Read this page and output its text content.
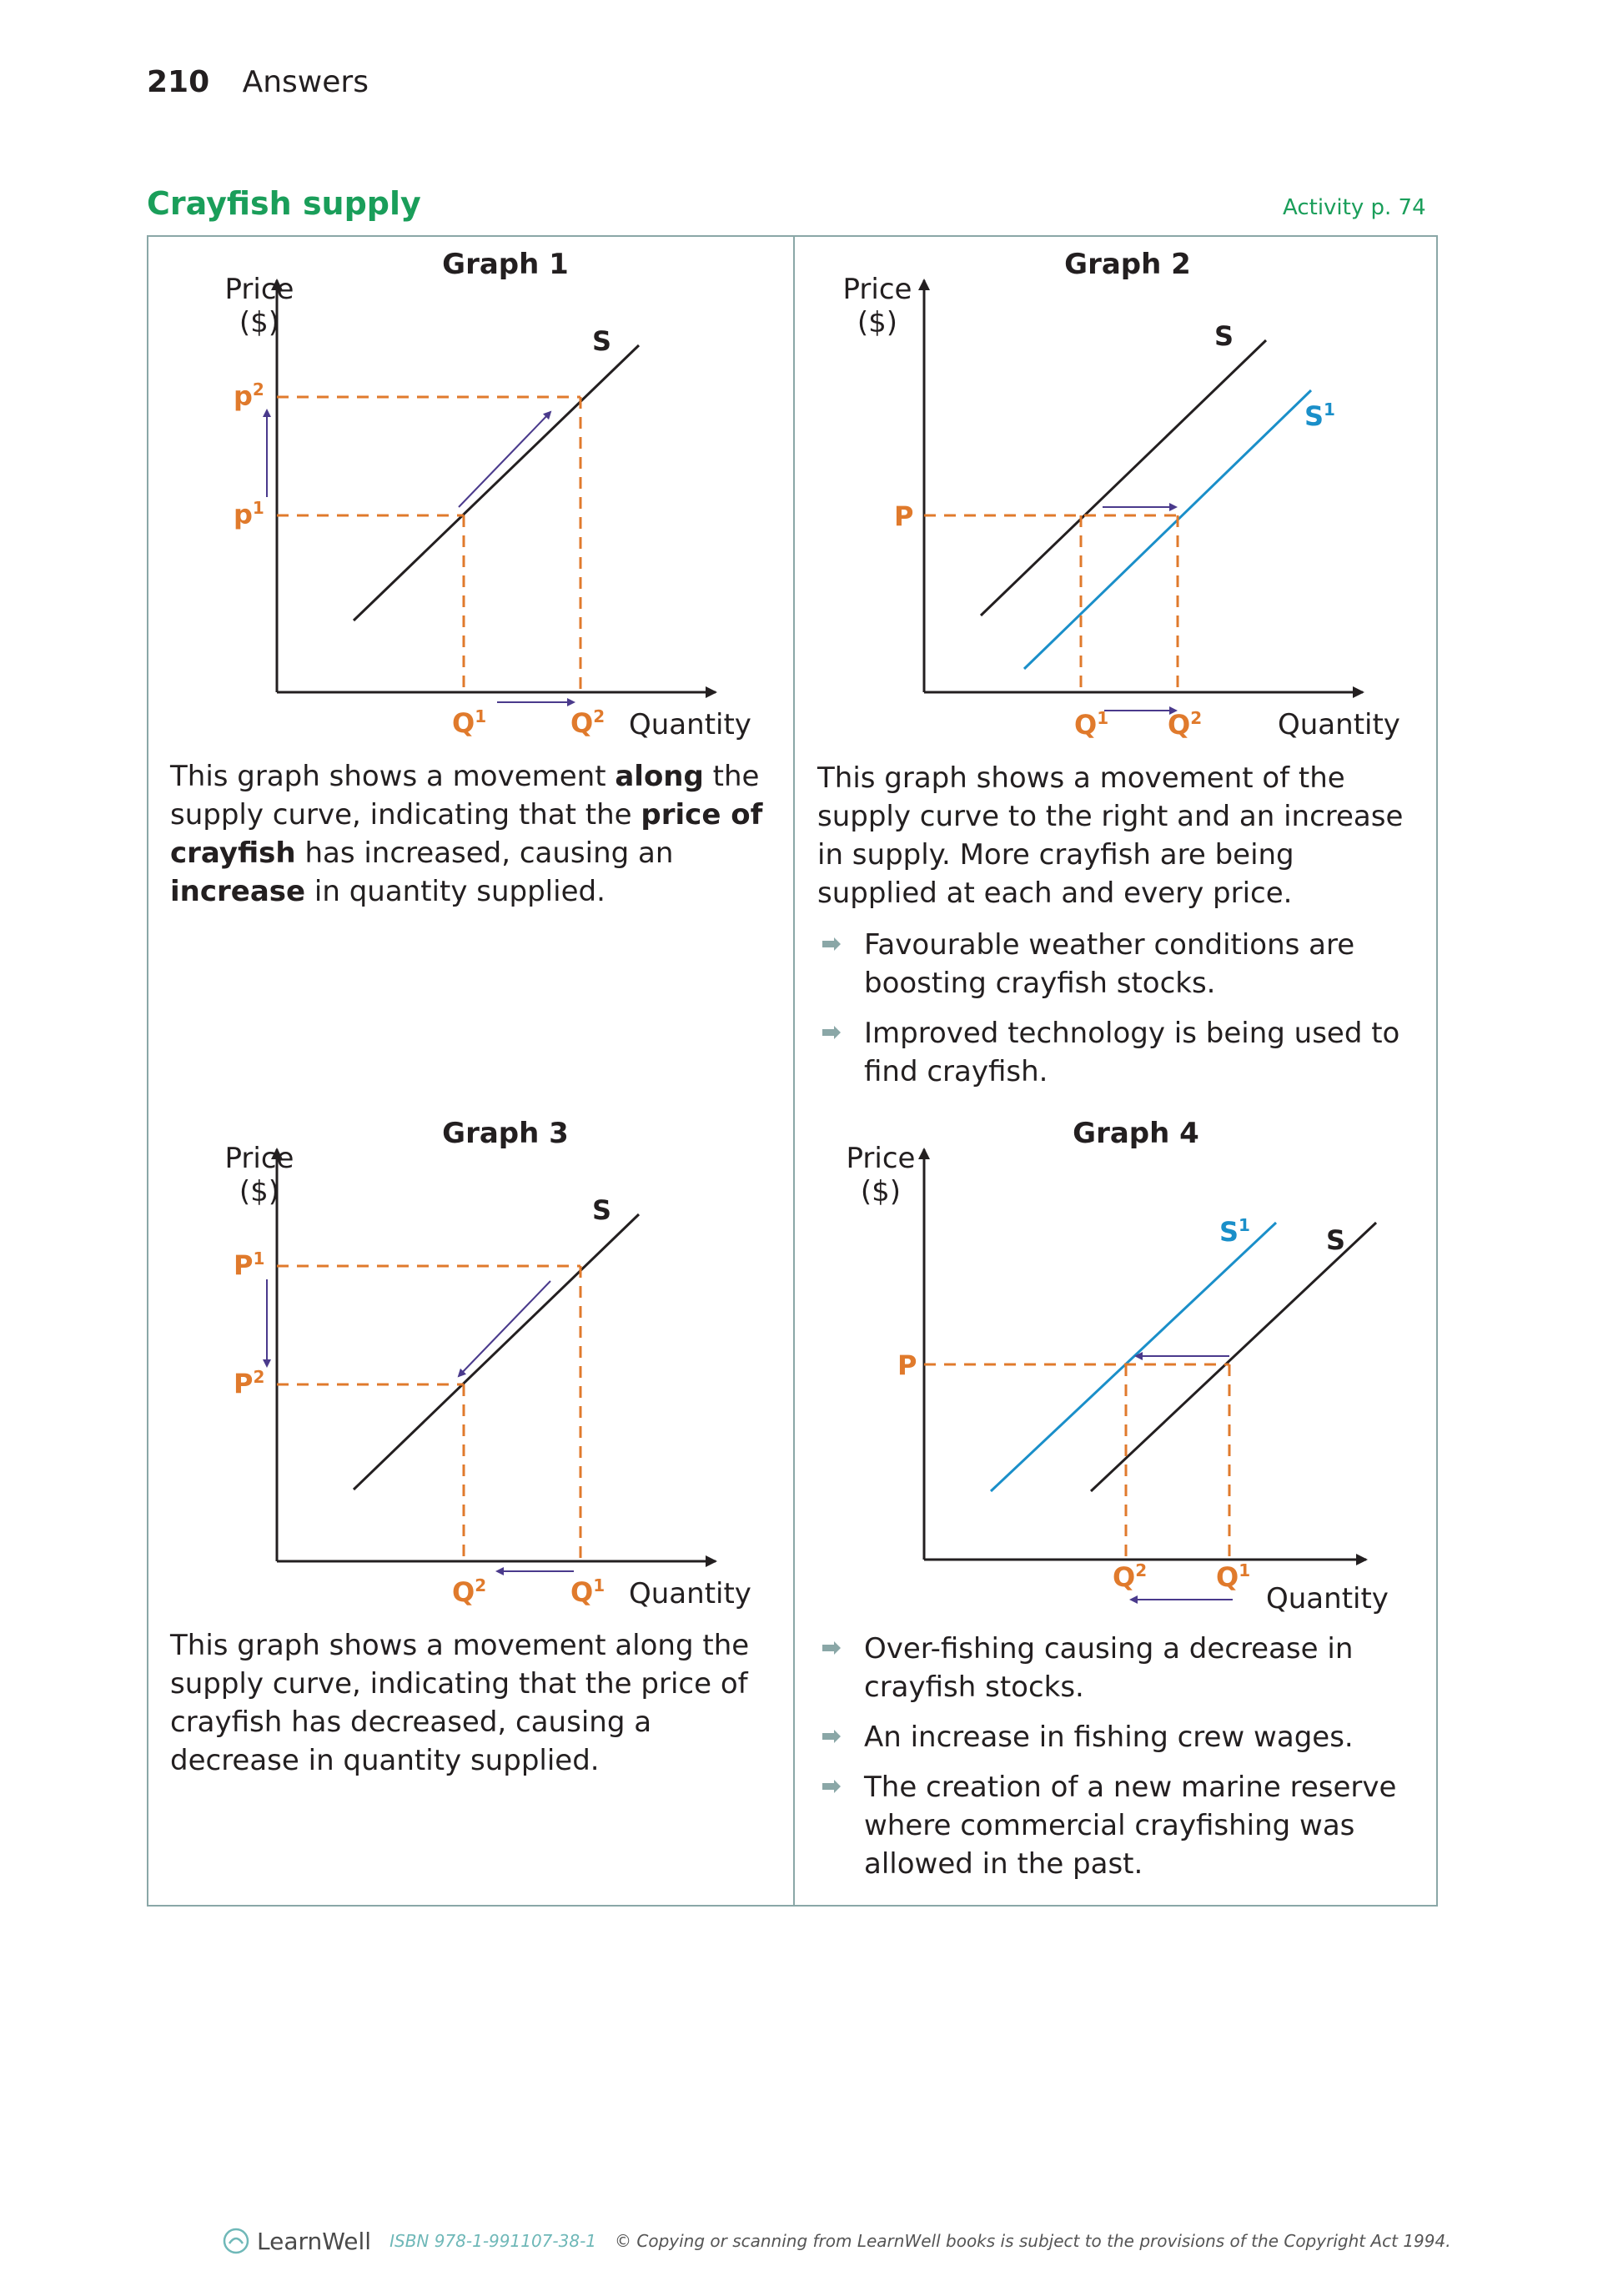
210 Answers
Crayfish supply	Activity p. 74
Graph 1
Price
($)
S
$p^2$
$p^1$
$Q^1$	$Q^2$ Quantity
This graph shows a movement along the supply curve, indicating that the price of crayfish has increased, causing an increase in quantity supplied.
Graph 2
Price
($)	S
$S^1$
P
$Q^1$ $Q^2$	Quantity
This graph shows a movement of the supply curve to the right and an increase in supply. More crayfish are being supplied at each and every price.
Favourable weather conditions are boosting crayfish stocks.
Improved technology is being used to find crayfish.
Graph 3
Price
($)
S
$P^1$
$P^2$
$Q^2$	$Q^1$ Quantity
This graph shows a movement along the supply curve, indicating that the price of crayfish has decreased, causing a decrease in quantity supplied.
Graph 4
Price
($)
$S^1$	S
P
$Q^2$	$Q^1$
Quantity
Over-fishing causing a decrease in crayfish stocks.
An increase in fishing crew wages.
The creation of a new marine reserve where commercial crayfishing was allowed in the past.
LearnWell ISBN 978-1-991107-38-1 © Copying or scanning from LearnWell books is subject to the provisions of the Copyright Act 1994.
